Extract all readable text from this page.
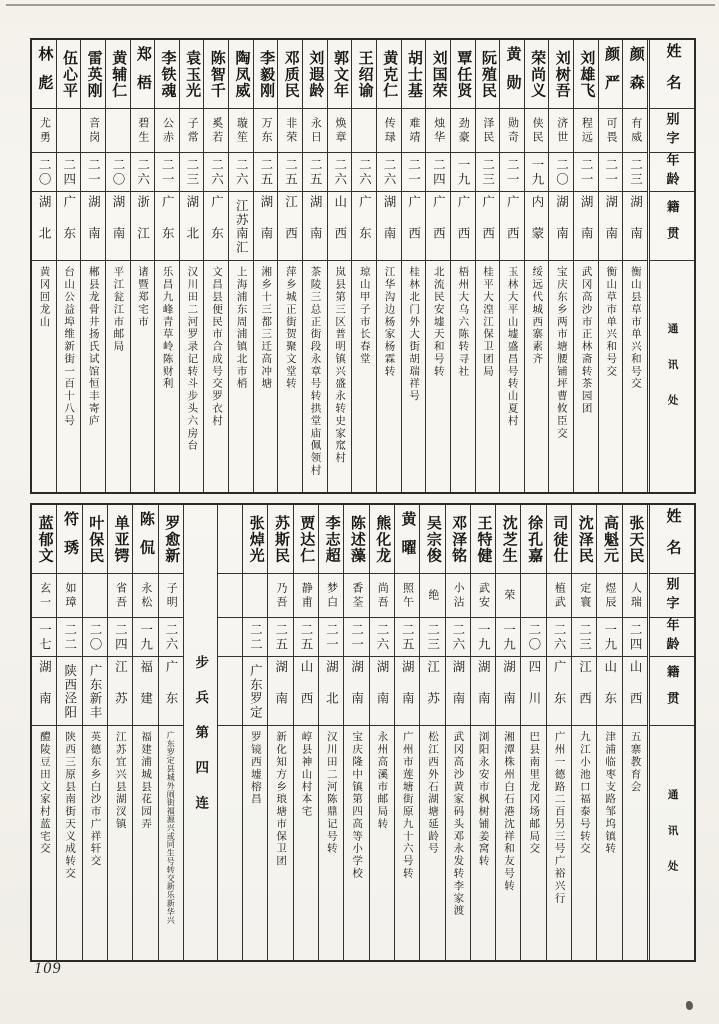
姓名
别字
年龄
籍贯
通讯处
颜森
有威
二三
湖南
衡山县草市单兴和号交
颜严
可畏
二一
湖南
衡山草市单兴和号交
刘雄飞
程远
二一
湖南
武冈高沙市正林斋转茶园团
刘树吾
济世
二〇
湖南
宝庆东乡两市塘腰铺坪曹攸臣交
荣尚义
侠民
一九
内蒙
绥远代城西寨素齐
黄勋
勋奇
二一
广西
玉林大平山墟盛昌号转山夏村
阮殖民
泽民
二三
广西
桂平大湟江保卫团局
覃任贤
劲豪
一九
广西
梧州大乌六陈转寻社
刘国荣
烛华
二四
广西
北流民安墟天和号转
胡士基
难靖
二一
广西
桂林北门外大街胡瑞祥号
黄克仁
传琭
二六
湖南
江华沟边杨家杨霖转
王绍谕
二六
广东
琼山甲子市长春堂
郭文年
焕章
二六
山西
岚县第三区普明镇兴盛永转史家窊村
刘遐龄
永日
二五
湖南
茶陵三总正街段永章号转拱堂庙佩领村
邓质民
非荣
二五
江西
萍乡城正街贺聚文堂转
李毅刚
万东
二五
湖南
湘乡十三都三迁高冲塘
陶凤威
璇笙
二六
江苏南汇
上海浦东周浦镇北市梢
陈智千
奚若
二六
广东
文昌县便民市合成号交罗衣村
袁玉光
子常
二三
湖北
汉川田二河罗录记转斗步头六房台
李铁魂
公赤
二一
广东
乐昌九峰青草岭陈财利
郑梧
碧生
二六
浙江
诸暨郑宅市
黄辅仁
二〇
湖南
平江瓮江市邮局
雷英刚
音岗
二一
湖南
郴县龙骨井扬氏试馆恒丰寄庐
伍心平
二四
广东
台山公益埠维新街一百十八号
林彪
尤勇
二〇
湖北
黄冈回龙山
姓名
别字
年龄
籍贯
通讯处
张天民
人瑞
二四
山西
五寨教育会
高魁元
煜辰
一九
山东
津浦临枣支路邹坞镇转
沈泽民
定寰
二三
江西
九江小池口福泰号转交
司徒仕
植武
二六
广东
广州一德路二百另三号广裕兴行
徐孔嘉
二〇
四川
巴县南里龙冈场邮局交
沈芝生
荣
一九
湖南
湘潭株州白石港沈祥和友号转
王特健
武安
一九
湖南
浏阳永安市枫树铺姜窝转
邓泽铭
小沾
二六
湖南
武冈高沙黄家码头邓永发转李家渡
吴宗俊
绝
二三
江苏
松江西外石湖塘延龄号
黄曜
照午
二五
湖南
广州市莲塘街原九十六号转
熊化龙
尚吾
二六
湖南
永州高溪市邮局转
陈述藻
香荃
二一
湖南
宝庆隆中镇第四高等小学校
李志超
梦白
二一
湖北
汉川田二河陈鼎记号转
贾达仁
静甫
二五
山西
崞县神山村本宅
苏斯民
乃吾
二五
湖南
新化知方乡琅塘市保卫团
张焯光
二二
广东罗定
罗镜西墟榕昌
步兵第四连
罗愈新
子明
二六
广东
广东罗定县城外闹街福源兴或同生号转交新乐新华兴
陈侃
永松
一九
福建
福建浦城县花园弄
单亚锷
省吾
二四
江苏
江苏宜兴县湖汊镇
叶保民
二〇
广东新丰
英德东乡白沙市广祥轩交
符琇
如璋
二二
陕西泾阳
陕西三原县南街天义成转交
蓝郁文
玄一
一七
湖南
醴陵豆田文家村蓝宅交
109
